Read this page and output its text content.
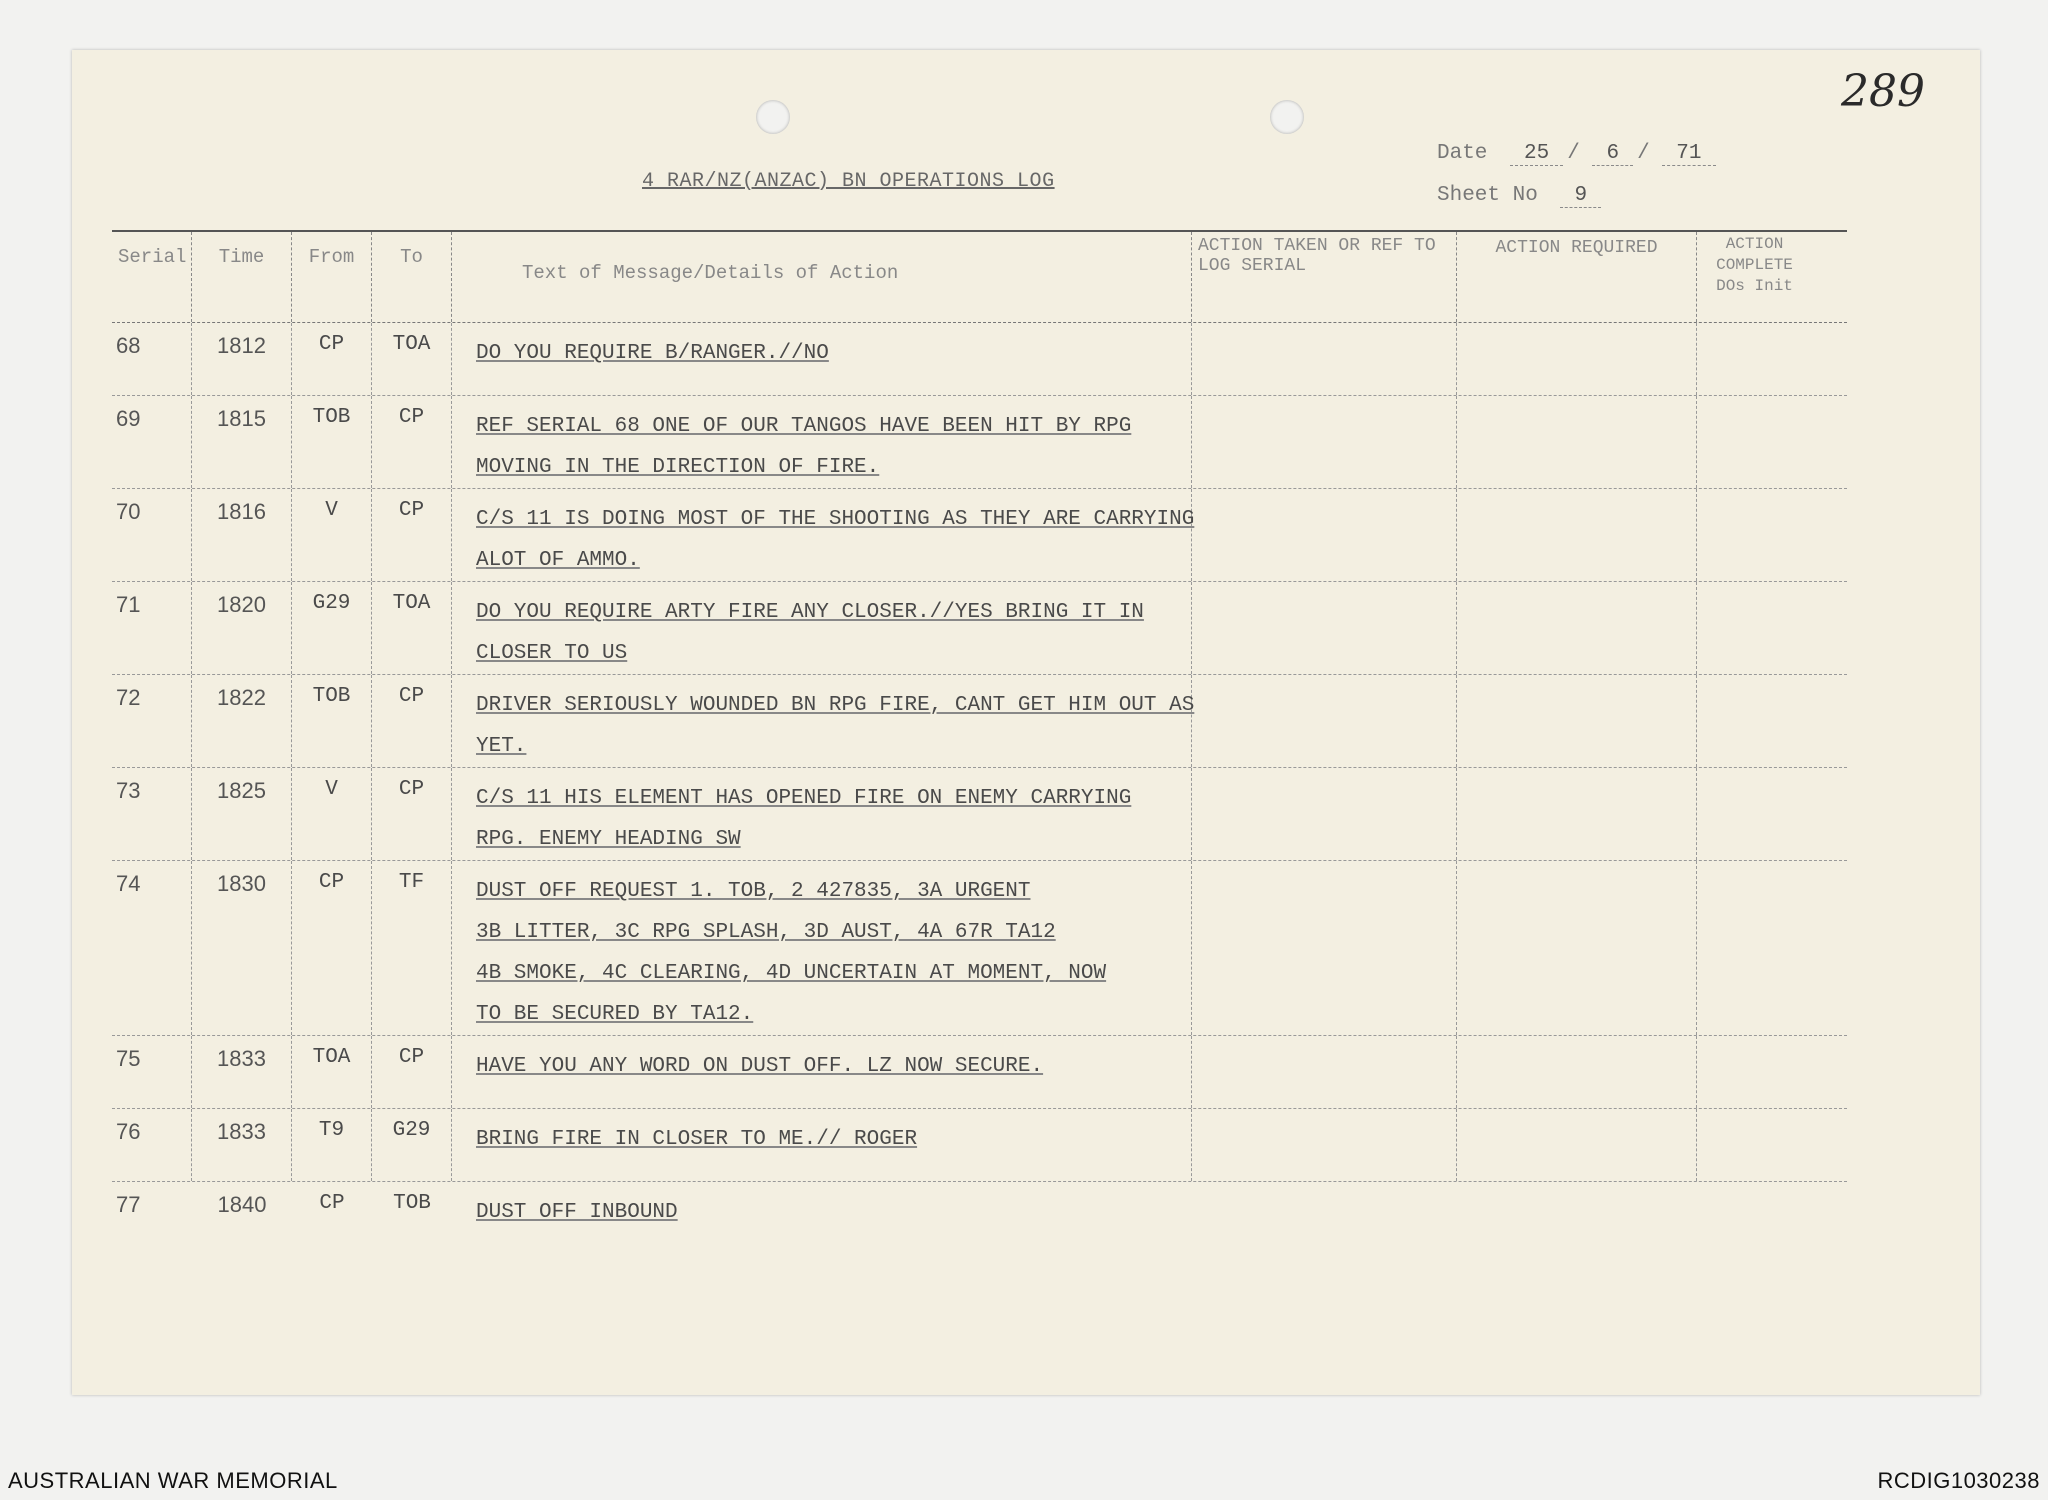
289
4 RAR/NZ(ANZAC) BN OPERATIONS LOG
Date 25 / 6 / 71
Sheet No 9
Serial	Time	From	To
Text of Message/Details of Action
ACTION TAKEN OR REF TO LOG SERIAL
ACTION REQUIRED	ACTION COMPLETE DOs Init
68	1812	CP	TOA	DO YOU REQUIRE B/RANGER.//NO
69	1815	TOB	CP	REF SERIAL 68 ONE OF OUR TANGOS HAVE BEEN HIT BY RPG
MOVING IN THE DIRECTION OF FIRE.
70	1816	V	CP	C/S 11 IS DOING MOST OF THE SHOOTING AS THEY ARE CARRYING
ALOT OF AMMO.
71	1820	G29	TOA	DO YOU REQUIRE ARTY FIRE ANY CLOSER.//YES BRING IT IN
CLOSER TO US
72	1822	TOB	CP	DRIVER SERIOUSLY WOUNDED BN RPG FIRE, CANT GET HIM OUT AS
YET.
73	1825	V	CP	C/S 11 HIS ELEMENT HAS OPENED FIRE ON ENEMY CARRYING
RPG. ENEMY HEADING SW
74	1830	CP	TF	DUST OFF REQUEST 1. TOB, 2 427835, 3A URGENT
3B LITTER, 3C RPG SPLASH, 3D AUST, 4A 67R TA12
4B SMOKE, 4C CLEARING, 4D UNCERTAIN AT MOMENT, NOW
TO BE SECURED BY TA12.
75	1833	TOA	CP	HAVE YOU ANY WORD ON DUST OFF. LZ NOW SECURE.
76	1833	T9	G29	BRING FIRE IN CLOSER TO ME.// ROGER
77	1840	CP	TOB	DUST OFF INBOUND
AUSTRALIAN WAR MEMORIAL	RCDIG1030238
